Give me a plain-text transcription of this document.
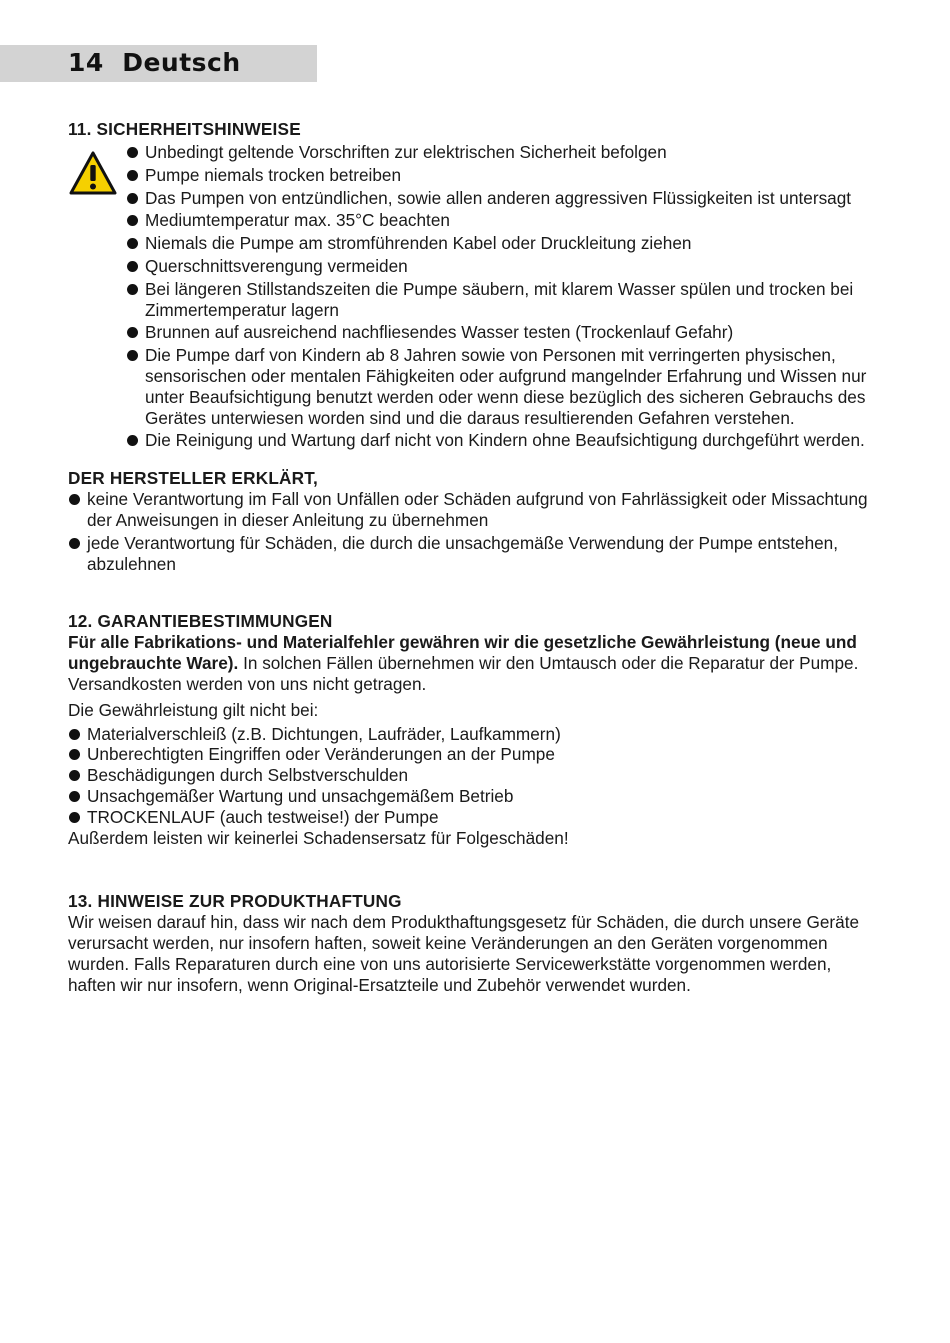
14 Deutsch
11. SICHERHEITSHINWEISE
Unbedingt geltende Vorschriften zur elektrischen Sicherheit befolgen
Pumpe niemals trocken betreiben
Das Pumpen von entzündlichen, sowie allen anderen aggressiven Flüssigkeiten ist untersagt
Mediumtemperatur max. 35°C beachten
Niemals die Pumpe am stromführenden Kabel oder Druckleitung ziehen
Querschnittsverengung vermeiden
Bei längeren Stillstandszeiten die Pumpe säubern, mit klarem Wasser spülen und trocken bei Zimmertemperatur lagern
Brunnen auf ausreichend nachfliesendes Wasser testen (Trockenlauf Gefahr)
Die Pumpe darf von Kindern ab 8 Jahren sowie von Personen mit verringerten physischen, sensorischen oder mentalen Fähigkeiten oder aufgrund mangelnder Erfahrung und Wissen nur unter Beaufsichtigung benutzt werden oder wenn diese bezüglich des sicheren Gebrauchs des Gerätes unterwiesen worden sind und die daraus resultierenden Gefahren verstehen.
Die Reinigung und Wartung darf nicht von Kindern ohne Beaufsichtigung durchgeführt werden.
DER HERSTELLER ERKLÄRT,
keine Verantwortung im Fall von Unfällen oder Schäden aufgrund von Fahrlässigkeit oder Missachtung der Anweisungen in dieser Anleitung zu übernehmen
jede Verantwortung für Schäden, die durch die unsachgemäße Verwendung der Pumpe entstehen, abzulehnen
12. GARANTIEBESTIMMUNGEN

Für alle Fabrikations- und Materialfehler gewähren wir die gesetzliche Gewährleistung (neue und ungebrauchte Ware). In solchen Fällen übernehmen wir den Umtausch oder die Reparatur der Pumpe. Versandkosten werden von uns nicht getragen.

Die Gewährleistung gilt nicht bei:

Materialverschleiß (z.B. Dichtungen, Laufräder, Laufkammern)
Unberechtigten Eingriffen oder Veränderungen an der Pumpe
Beschädigungen durch Selbstverschulden
Unsachgemäßer Wartung und unsachgemäßem Betrieb
TROCKENLAUF (auch testweise!) der Pumpe

Außerdem leisten wir keinerlei Schadensersatz für Folgeschäden!

13. HINWEISE ZUR PRODUKTHAFTUNG

Wir weisen darauf hin, dass wir nach dem Produkthaftungsgesetz für Schäden, die durch unsere Geräte verursacht werden, nur insofern haften, soweit keine Veränderungen an den Geräten vorgenommen wurden. Falls Reparaturen durch eine von uns autorisierte Servicewerkstätte vorgenommen werden, haften wir nur insofern, wenn Original-Ersatzteile und Zubehör verwendet wurden.
